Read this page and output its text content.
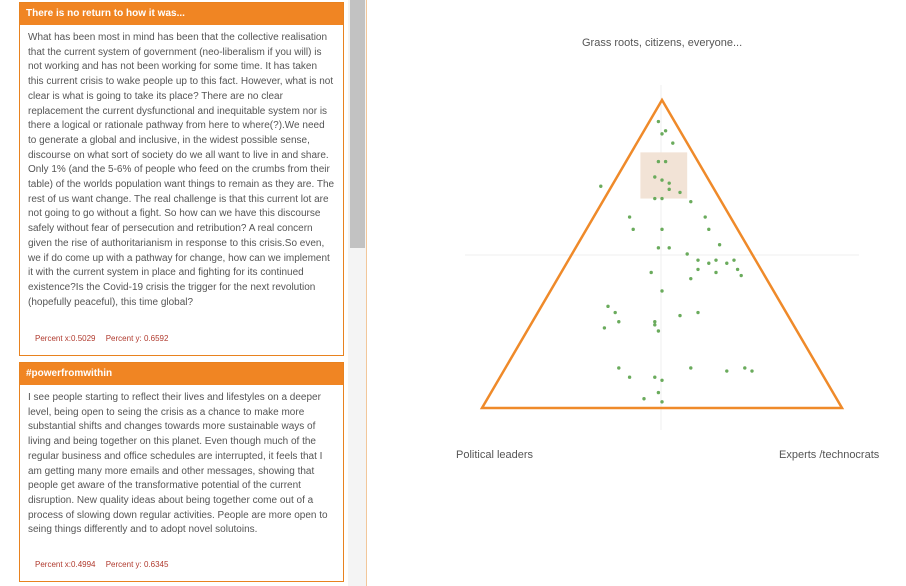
There is no return to how it was...
What has been most in mind has been that the collective realisation that the current system of government (neo-liberalism if you will) is not working and has not been working for some time. It has taken this current crisis to wake people up to this fact. However, what is not clear is what is going to take its place? There are no clear replacement the current dysfunctional and inequitable system nor is there a logical or rationale pathway from here to where(?).We need to generate a global and inclusive, in the widest possible sense, discourse on what sort of society do we all want to live in and share. Only 1% (and the 5-6% of people who feed on the crumbs from their table) of the worlds population want things to remain as they are. The rest of us want change. The real challenge is that this current lot are not going to go without a fight. So how can we have this discourse safely without fear of persecution and retribution? A real concern given the rise of authoritarianism in response to this crisis.So even, we if do come up with a pathway for change, how can we implement it with the current system in place and fighting for its continued existence?Is the Covid-19 crisis the trigger for the next revolution (hopefully peaceful), this time global?
Percent x:0.5029 Percent y: 0.6592
#powerfromwithin
I see people starting to reflect their lives and lifestyles on a deeper level, being open to seing the crisis as a chance to make more substantial shifts and changes towards more sustainable ways of living and being together on this planet. Even though much of the regular business and office schedules are interrupted, it feels that I am getting many more emails and other messages, showing that people get aware of the transformative potential of the current disruption. New quality ideas about being together come out of a process of slowing down regular activities. People are more open to seing things differently and to adopt novel solutoins.
Percent x:0.4994 Percent y: 0.6345
Grass roots, citizens, everyone...
Political leaders	Experts /technocrats
